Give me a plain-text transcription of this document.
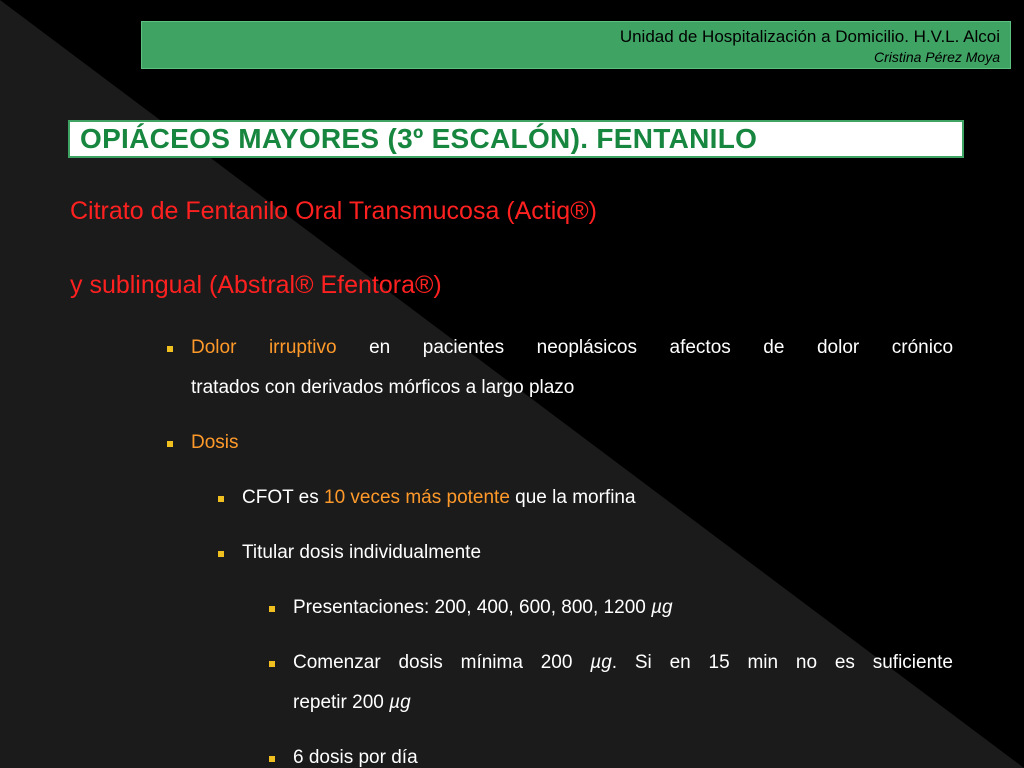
Unidad de Hospitalización a Domicilio. H.V.L. Alcoi
Cristina Pérez Moya
OPIÁCEOS MAYORES (3º ESCALÓN). FENTANILO
Citrato de Fentanilo Oral Transmucosa (Actiq®)
y sublingual (Abstral® Efentora®)
Dolor irruptivo en pacientes neoplásicos afectos de dolor crónico
tratados con derivados mórficos a largo plazo
Dosis
CFOT es 10 veces más potente que la morfina
Titular dosis individualmente
Presentaciones: 200, 400, 600, 800, 1200 µg
Comenzar dosis mínima 200 µg. Si en 15 min no es suficiente
repetir 200 µg
6 dosis por día
